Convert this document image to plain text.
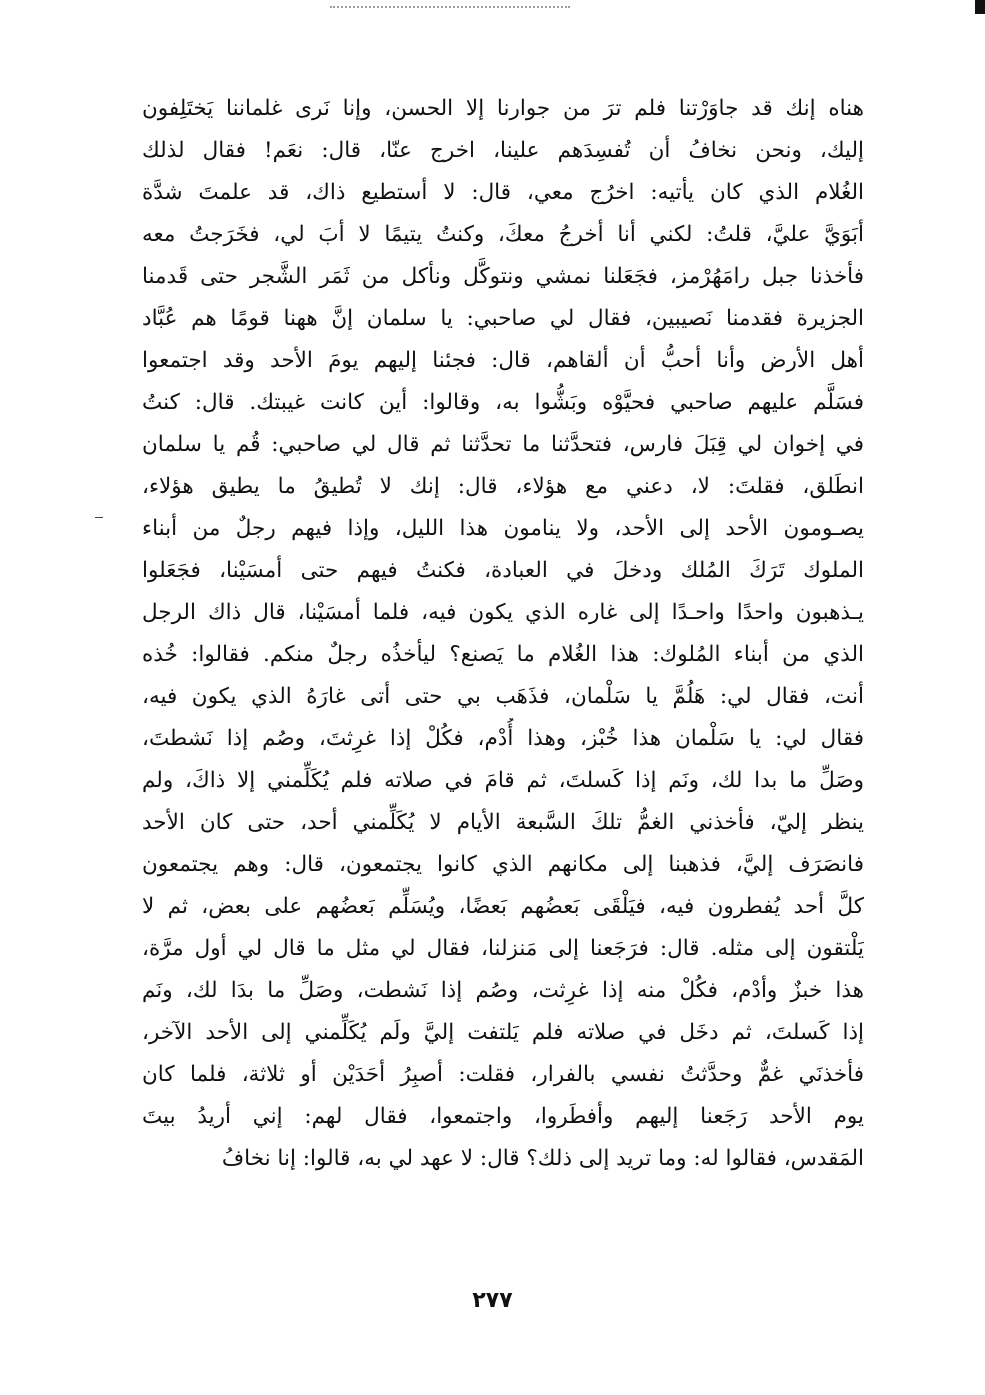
هناه إنك قد جاوَرْتنا فلم ترَ من جوارنا إلا الحسن، وإنا نَرى غلماننا يَختَلِفون
إليك، ونحن نخافُ أن تُفسِدَهم علينا، اخرج عنّا، قال: نعَم! فقال لذلك
الغُلام الذي كان يأتيه: اخرُج معي، قال: لا أستطيع ذاك، قد علمتَ شدَّة
أبَوَيَّ عليَّ، قلتُ: لكني أنا أخرجُ معكَ، وكنتُ يتيمًا لا أبَ لي، فخَرَجتُ معه
فأخذنا جبل رامَهُرْمز، فجَعَلنا نمشي ونتوكَّل ونأكل من ثَمَر الشَّجر حتى قَدمنا
الجزيرة فقدمنا نَصيبين، فقال لي صاحبي: يا سلمان إنَّ ههنا قومًا هم عُبَّاد
أهل الأرض وأنا أحبُّ أن ألقاهم، قال: فجئنا إليهم يومَ الأحد وقد اجتمعوا
فسَلَّم عليهم صاحبي فحيَّوْه وبَشُّوا به، وقالوا: أين كانت غيبتك. قال: كنتُ
في إخوان لي قِبَلَ فارس، فتحدَّثنا ما تحدَّثنا ثم قال لي صاحبي: قُم يا سلمان
انطَلق، فقلتَ: لا، دعني مع هؤلاء، قال: إنك لا تُطيقُ ما يطيق هؤلاء،
يصـومون الأحد إلى الأحد، ولا ينامون هذا الليل، وإذا فيهم رجلٌ من أبناء
الملوك تَرَكَ المُلك ودخلَ في العبادة، فكنتُ فيهم حتى أمسَيْنا، فجَعَلوا
يـذهبون واحدًا واحـدًا إلى غاره الذي يكون فيه، فلما أمسَيْنا، قال ذاك الرجل
الذي من أبناء المُلوك: هذا الغُلام ما يَصنع؟ ليأخذُه رجلٌ منكم. فقالوا: خُذه
أنت، فقال لي: هَلُمَّ يا سَلْمان، فذَهَب بي حتى أتى غارَهُ الذي يكون فيه،
فقال لي: يا سَلْمان هذا خُبْز، وهذا أُدْم، فكُلْ إذا غرِثتَ، وصُم إذا نَشطتَ،
وصَلِّ ما بدا لك، ونَم إذا كَسلتَ، ثم قامَ في صلاته فلم يُكَلِّمني إلا ذاكَ، ولم
ينظر إليّ، فأخذني الغمُّ تلكَ السَّبعة الأيام لا يُكَلِّمني أحد، حتى كان الأحد
فانصَرَف إليَّ، فذهبنا إلى مكانهم الذي كانوا يجتمعون، قال: وهم يجتمعون
كلَّ أحد يُفطرون فيه، فيَلْقَى بَعضُهم بَعضًا، ويُسَلِّم بَعضُهم على بعض، ثم لا
يَلْتقون إلى مثله. قال: فرَجَعنا إلى مَنزلنا، فقال لي مثل ما قال لي أول مرَّة،
هذا خبزٌ وأدْم، فكُلْ منه إذا غرِثت، وصُم إذا نَشطت، وصَلِّ ما بدَا لك، ونَم
إذا كَسلتَ، ثم دخَل في صلاته فلم يَلتفت إليَّ ولَم يُكَلِّمني إلى الأحد الآخر،
فأخذنَي غمٌّ وحدَّثتُ نفسي بالفرار، فقلت: أصبِرُ أحَدَيْن أو ثلاثة، فلما كان
يوم الأحد رَجَعنا إليهم وأفطَروا، واجتمعوا، فقال لهم: إني أريدُ بيتَ
المَقدس، فقالوا له: وما تريد إلى ذلك؟ قال: لا عهد لي به، قالوا: إنا نخافُ
٢٧٧
